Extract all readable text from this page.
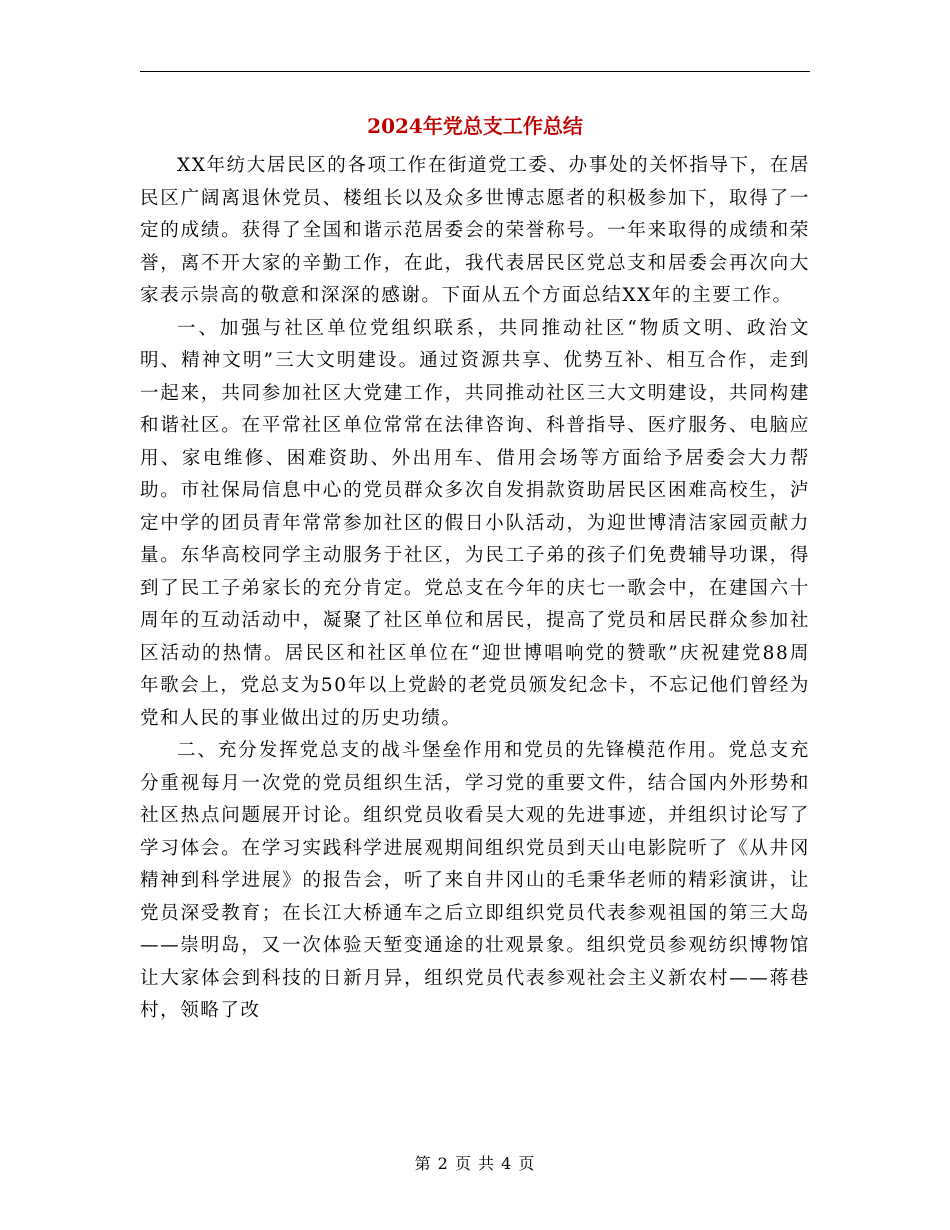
2024年党总支工作总结

XX年纺大居民区的各项工作在街道党工委、办事处的关怀指导下，在居民区广阔离退休党员、楼组长以及众多世博志愿者的积极参加下，取得了一定的成绩。获得了全国和谐示范居委会的荣誉称号。一年来取得的成绩和荣誉，离不开大家的辛勤工作，在此，我代表居民区党总支和居委会再次向大家表示崇高的敬意和深深的感谢。下面从五个方面总结XX年的主要工作。

一、加强与社区单位党组织联系，共同推动社区“物质文明、政治文明、精神文明”三大文明建设。通过资源共享、优势互补、相互合作，走到一起来，共同参加社区大党建工作，共同推动社区三大文明建设，共同构建和谐社区。在平常社区单位常常在法律咨询、科普指导、医疗服务、电脑应用、家电维修、困难资助、外出用车、借用会场等方面给予居委会大力帮助。市社保局信息中心的党员群众多次自发捐款资助居民区困难高校生，泸定中学的团员青年常常参加社区的假日小队活动，为迎世博清洁家园贡献力量。东华高校同学主动服务于社区，为民工子弟的孩子们免费辅导功课，得到了民工子弟家长的充分肯定。党总支在今年的庆七一歌会中，在建国六十周年的互动活动中，凝聚了社区单位和居民，提高了党员和居民群众参加社区活动的热情。居民区和社区单位在“迎世博唱响党的赞歌”庆祝建党88周年歌会上，党总支为50年以上党龄的老党员颁发纪念卡，不忘记他们曾经为党和人民的事业做出过的历史功绩。

二、充分发挥党总支的战斗堡垒作用和党员的先锋模范作用。党总支充分重视每月一次党的党员组织生活，学习党的重要文件，结合国内外形势和社区热点问题展开讨论。组织党员收看吴大观的先进事迹，并组织讨论写了学习体会。在学习实践科学进展观期间组织党员到天山电影院听了《从井冈精神到科学进展》的报告会，听了来自井冈山的毛秉华老师的精彩演讲，让党员深受教育；在长江大桥通车之后立即组织党员代表参观祖国的第三大岛——崇明岛，又一次体验天堑变通途的壮观景象。组织党员参观纺织博物馆让大家体会到科技的日新月异，组织党员代表参观社会主义新农村——蒋巷村，领略了改

第 2 页 共 4 页
